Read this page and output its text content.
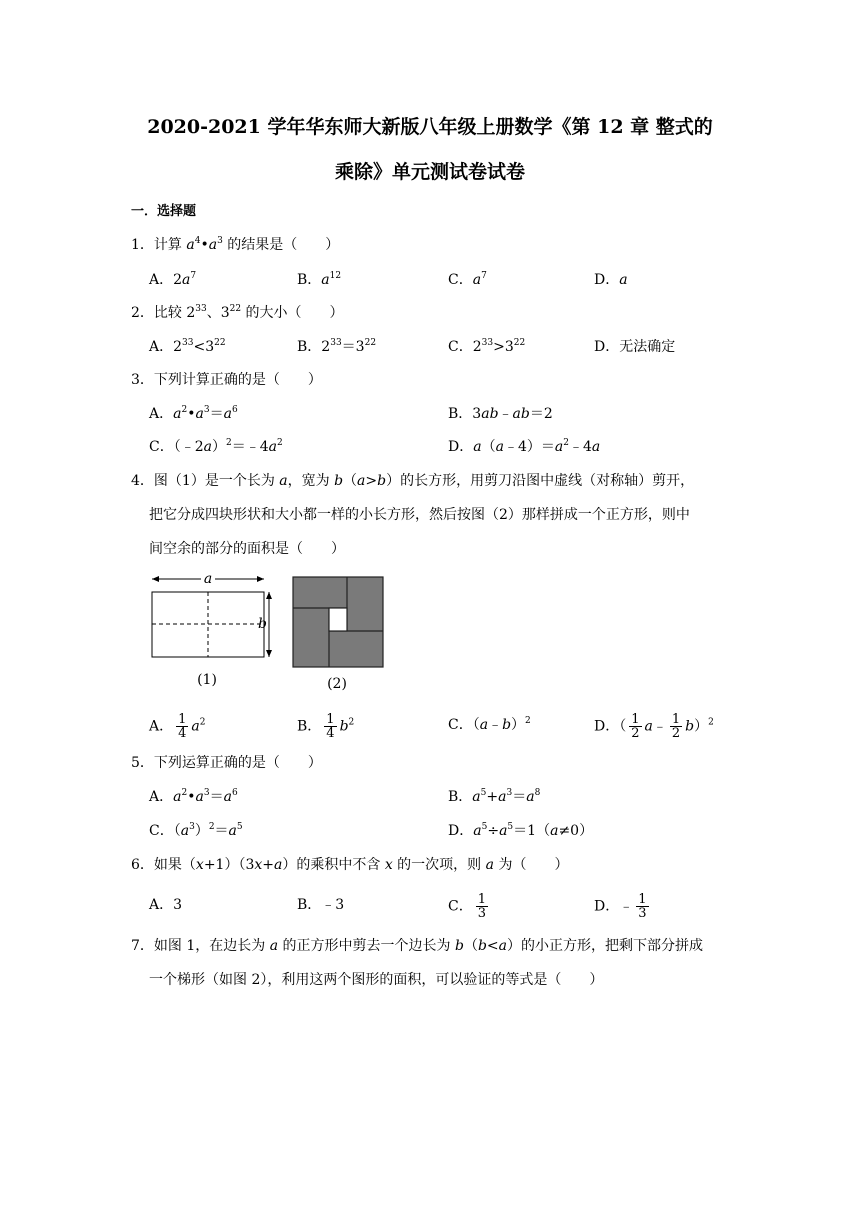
2020-2021 学年华东师大新版八年级上册数学《第 12 章 整式的
乘除》单元测试卷试卷
一．选择题
1．计算 $a^4•a^3$ 的结果是（　　）
A．$2a^7$	B．$a^{12}$	C．$a^7$	D．a
2．比较 $2^{33}$、$3^{22}$ 的大小（　　）
A．$2^{33}<3^{22}$	B．$2^{33}=3^{22}$	C．$2^{33}>3^{22}$	D．无法确定
3．下列计算正确的是（　　）
A．$a^2•a^3=a^6$	B．3ab﹣ab＝2
C．$(﹣2a)^2=﹣4a^2$	D．$a(a﹣4)=a^2﹣4a$
4．图（1）是一个长为 a，宽为 b（a>b）的长方形，用剪刀沿图中虚线（对称轴）剪开，
把它分成四块形状和大小都一样的小长方形，然后按图（2）那样拼成一个正方形，则中
间空余的部分的面积是（　　）
a
b
(1)	(2)
A． $\frac{1}{4} a^2$	B． $\frac{1}{4} b^2$	C．（a﹣b）$^2$	D．（ $\frac{1}{2}$ a﹣ $\frac{1}{2} b)^2$
5．下列运算正确的是（　　）
A．$a^2•a^3=a^6$	B．$a^5+a^3=a^8$
C．$(a^3)^2=a^5$	D．$a^5\div a^5=1(a\ne 0)$
6．如果（x+1）（3x+a）的乘积中不含 x 的一次项，则 a 为（　　）
A．3	B．﹣3	C． $\frac{1}{3}$	D．﹣ $\frac{1}{3}$
7．如图 1，在边长为 a 的正方形中剪去一个边长为 b（b<a）的小正方形，把剩下部分拼成
一个梯形（如图 2），利用这两个图形的面积，可以验证的等式是（　　）
